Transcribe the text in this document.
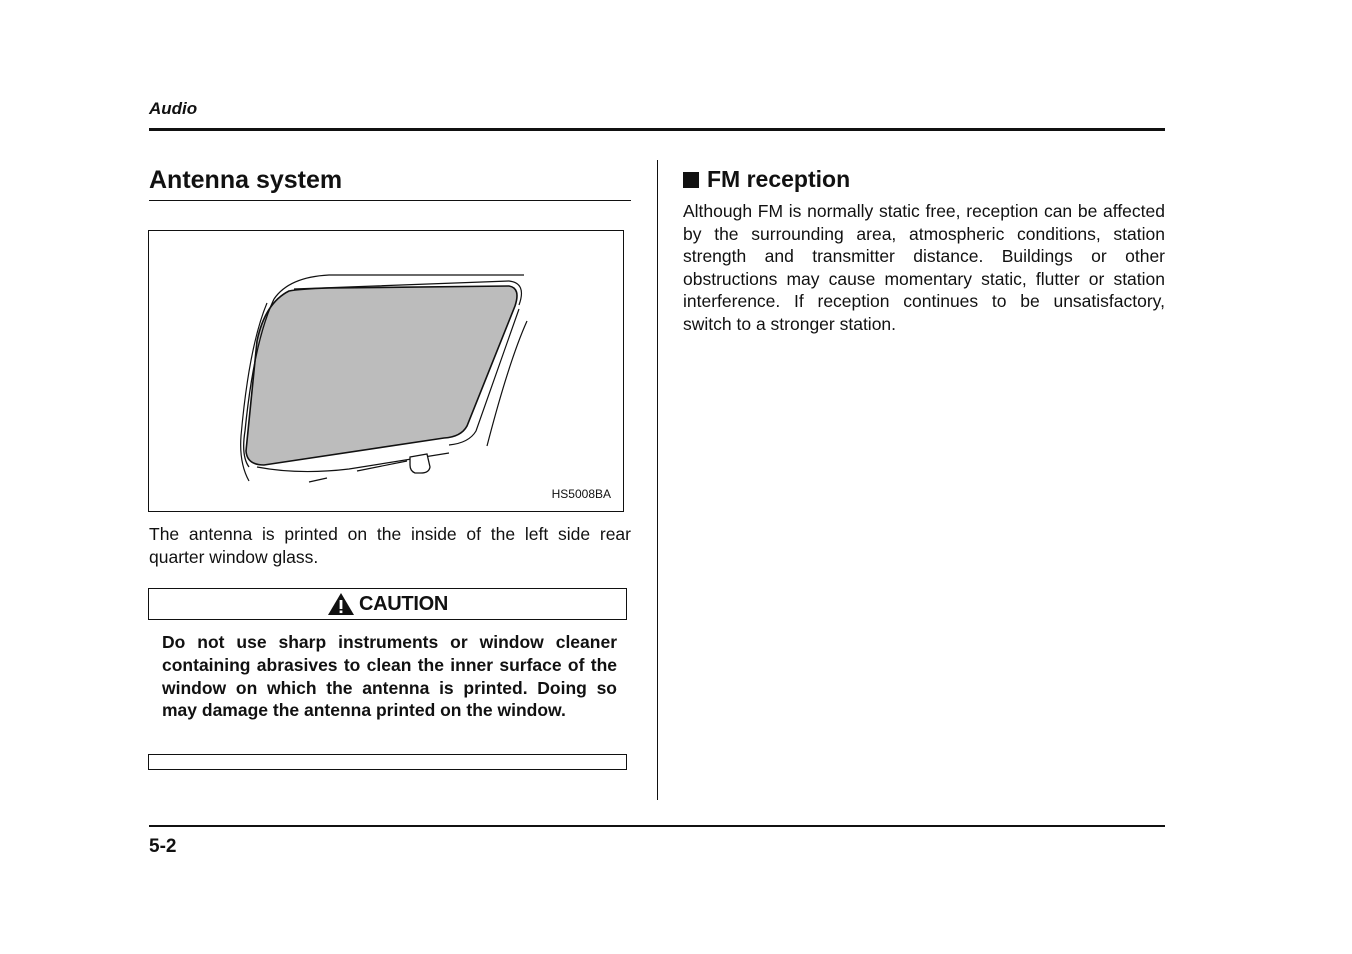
Audio
Antenna system
HS5008BA

The antenna is printed on the inside of the left side rear quarter window glass.

CAUTION

Do not use sharp instruments or window cleaner containing abrasives to clean the inner surface of the window on which the antenna is printed. Doing so may damage the antenna printed on the window.

FM reception

Although FM is normally static free, reception can be affected by the surrounding area, atmospheric conditions, station strength and transmitter distance. Buildings or other obstructions may cause momentary static, flutter or station interference. If reception continues to be unsatisfactory, switch to a stronger station.

5-2
